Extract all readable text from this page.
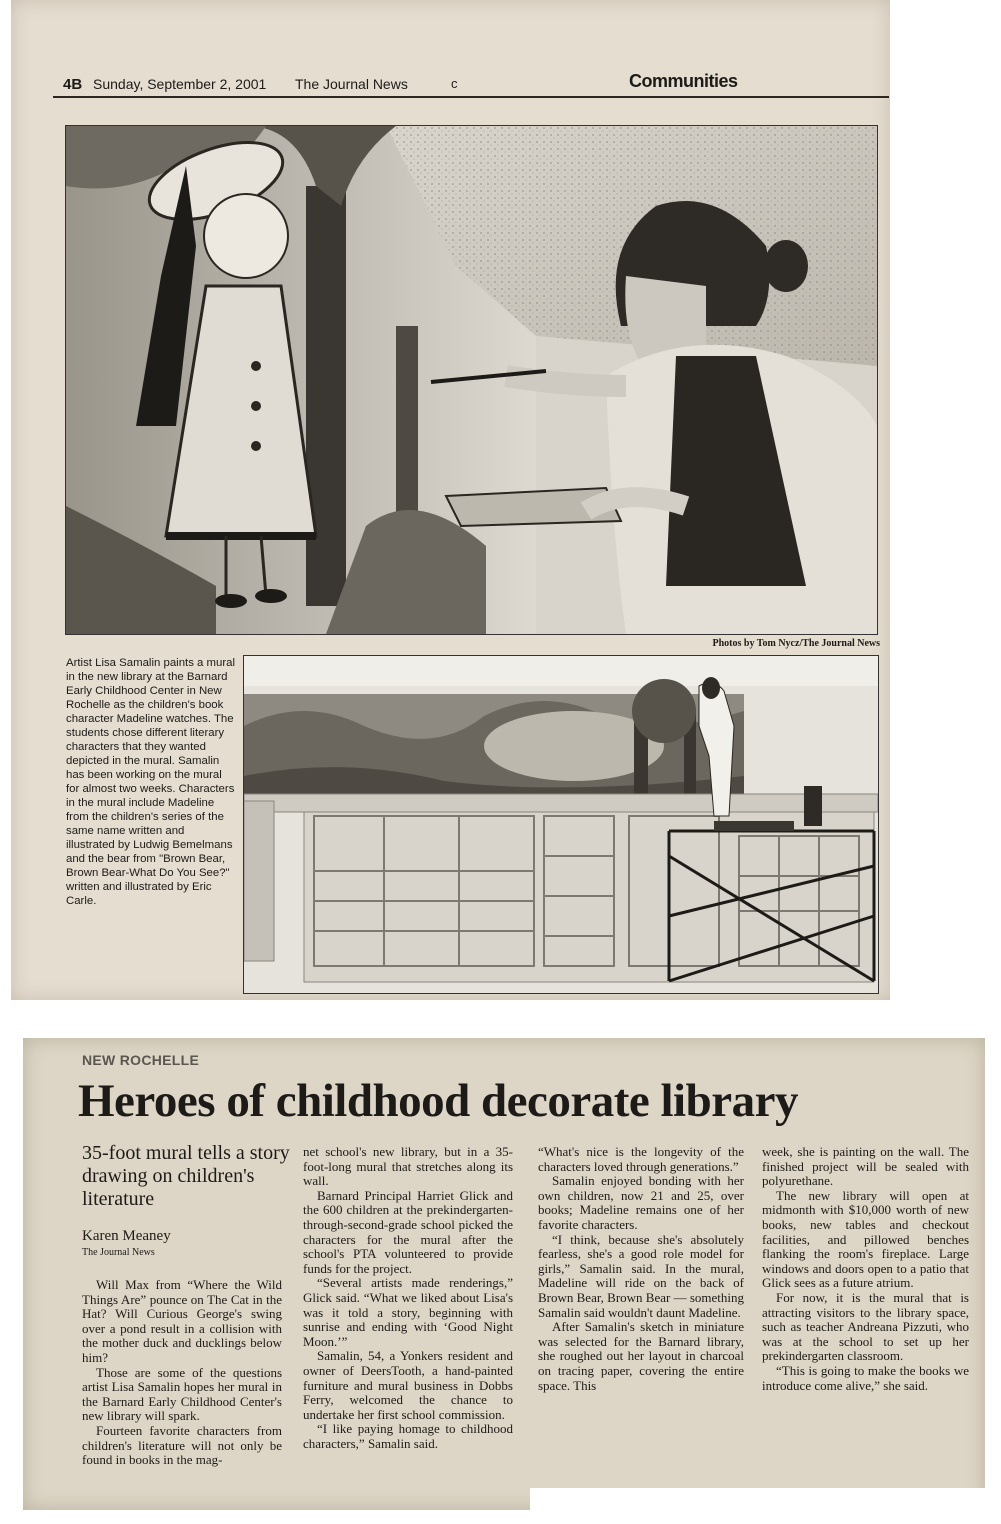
4B Sunday, September 2, 2001 The Journal News	c	Communities
Photos by Tom Nycz/The Journal News
Artist Lisa Samalin paints a mural in the new library at the Barnard Early Childhood Center in New Rochelle as the children's book character Madeline watches. The students chose different literary characters that they wanted depicted in the mural. Samalin has been working on the mural for almost two weeks. Characters in the mural include Madeline from the children's series of the same name written and illustrated by Ludwig Bemelmans and the bear from "Brown Bear, Brown Bear-What Do You See?" written and illustrated by Eric Carle.
NEW ROCHELLE
Heroes of childhood decorate library
35-foot mural tells a story drawing on children's literature
Karen Meaney
The Journal News

Will Max from “Where the Wild Things Are” pounce on The Cat in the Hat? Will Curious George's swing over a pond result in a collision with the mother duck and ducklings below him?

Those are some of the questions artist Lisa Samalin hopes her mural in the Barnard Early Childhood Center's new library will spark.

Fourteen favorite characters from children's literature will not only be found in books in the mag-

net school's new library, but in a 35-foot-long mural that stretches along its wall.

Barnard Principal Harriet Glick and the 600 children at the prekindergarten-through-second-grade school picked the characters for the mural after the school's PTA volunteered to provide funds for the project.

“Several artists made renderings,” Glick said. “What we liked about Lisa's was it told a story, beginning with sunrise and ending with ‘Good Night Moon.’”

Samalin, 54, a Yonkers resident and owner of DeersTooth, a hand-painted furniture and mural business in Dobbs Ferry, welcomed the chance to undertake her first school commission.

“I like paying homage to childhood characters,” Samalin said.

“What's nice is the longevity of the characters loved through generations.”

Samalin enjoyed bonding with her own children, now 21 and 25, over books; Madeline remains one of her favorite characters.

“I think, because she's absolutely fearless, she's a good role model for girls,” Samalin said. In the mural, Madeline will ride on the back of Brown Bear, Brown Bear — something Samalin said wouldn't daunt Madeline.

After Samalin's sketch in miniature was selected for the Barnard library, she roughed out her layout in charcoal on tracing paper, covering the entire space. This

week, she is painting on the wall. The finished project will be sealed with polyurethane.

The new library will open at midmonth with $10,000 worth of new books, new tables and checkout facilities, and pillowed benches flanking the room's fireplace. Large windows and doors open to a patio that Glick sees as a future atrium.

For now, it is the mural that is attracting visitors to the library space, such as teacher Andreana Pizzuti, who was at the school to set up her prekindergarten classroom.

“This is going to make the books we introduce come alive,” she said.
